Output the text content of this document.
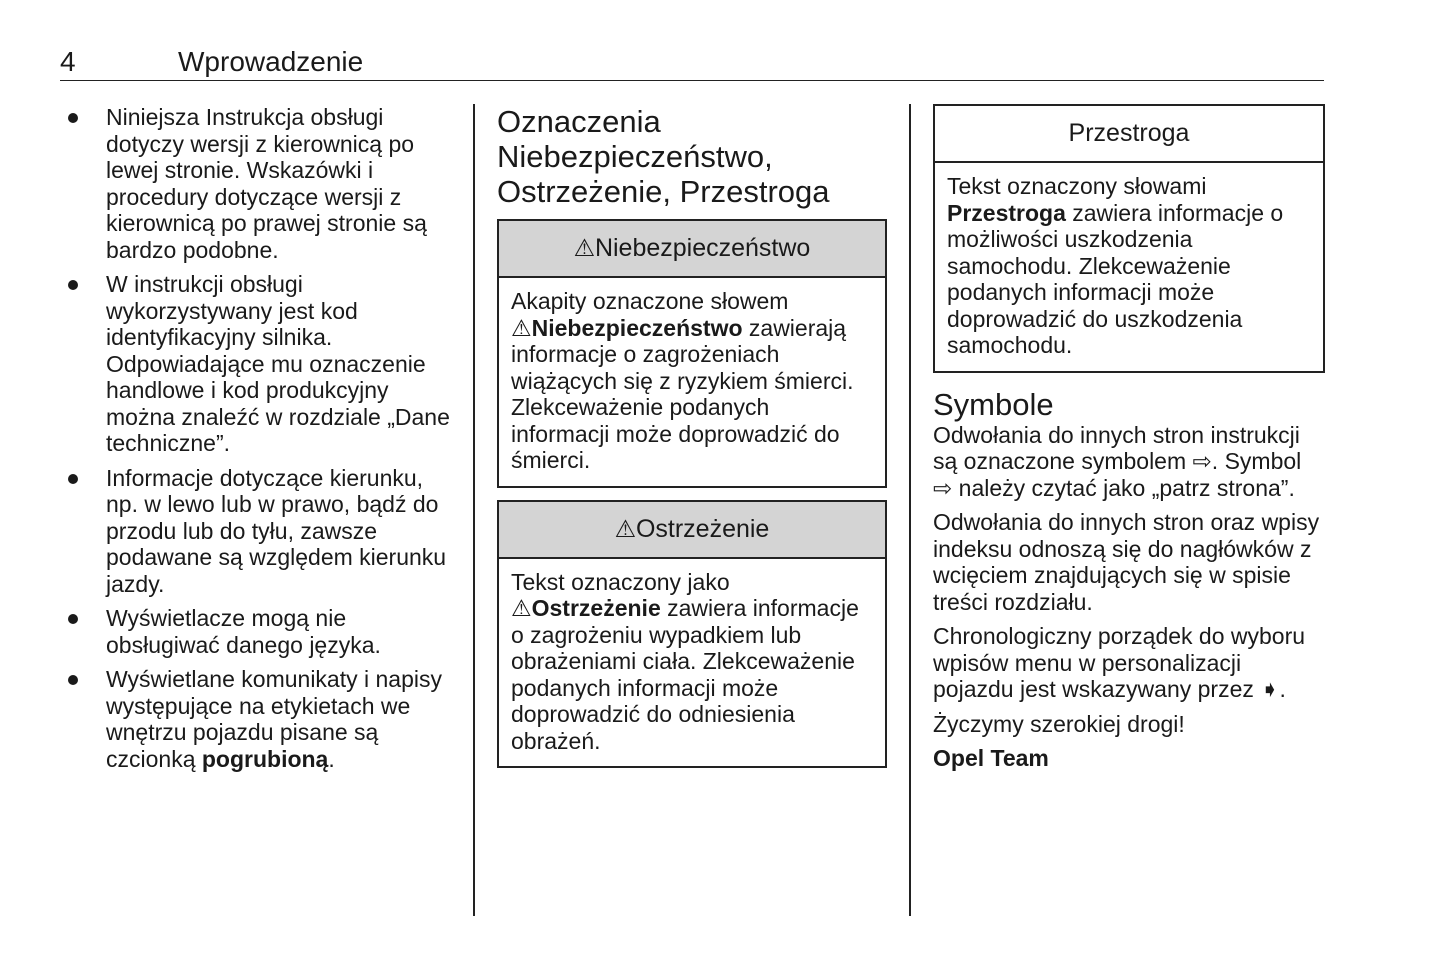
4	Wprowadzenie
Niniejsza Instrukcja obsługi dotyczy wersji z kierownicą po lewej stronie. Wskazówki i procedury dotyczące wersji z kierownicą po prawej stronie są bardzo podobne.
W instrukcji obsługi wykorzystywany jest kod identyfikacyjny silnika. Odpowiadające mu oznaczenie handlowe i kod produkcyjny można znaleźć w rozdziale „Dane techniczne”.
Informacje dotyczące kierunku, np. w lewo lub w prawo, bądź do przodu lub do tyłu, zawsze podawane są względem kierunku jazdy.
Wyświetlacze mogą nie obsługiwać danego języka.
Wyświetlane komunikaty i napisy występujące na etykietach we wnętrzu pojazdu pisane są czcionką pogrubioną.
Oznaczenia Niebezpieczeństwo, Ostrzeżenie, Przestroga
⚠Niebezpieczeństwo
Akapity oznaczone słowem ⚠Niebezpieczeństwo zawierają informacje o zagrożeniach wiążących się z ryzykiem śmierci. Zlekceważenie podanych informacji może doprowadzić do śmierci.
⚠Ostrzeżenie
Tekst oznaczony jako ⚠Ostrzeżenie zawiera informacje o zagrożeniu wypadkiem lub obrażeniami ciała. Zlekceważenie podanych informacji może doprowadzić do odniesienia obrażeń.
Przestroga
Tekst oznaczony słowami Przestroga zawiera informacje o możliwości uszkodzenia samochodu. Zlekceważenie podanych informacji może doprowadzić do uszkodzenia samochodu.
Symbole

Odwołania do innych stron instrukcji są oznaczone symbolem ⇨. Symbol ⇨ należy czytać jako „patrz strona”.

Odwołania do innych stron oraz wpisy indeksu odnoszą się do nagłówków z wcięciem znajdujących się w spisie treści rozdziału.

Chronologiczny porządek do wyboru wpisów menu w personalizacji pojazdu jest wskazywany przez ➧.

Życzymy szerokiej drogi!

Opel Team
